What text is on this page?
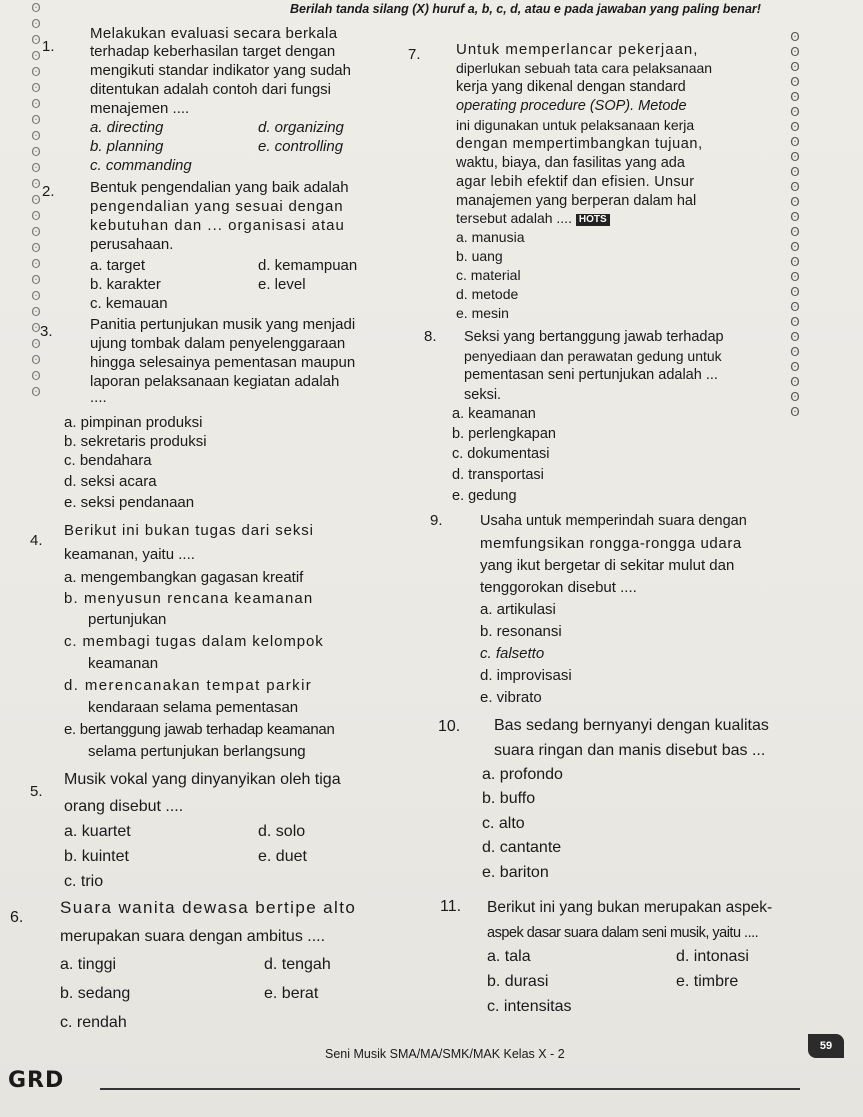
ʘ
ʘ
ʘ
ʘ
ʘ
ʘ
ʘ
ʘ
ʘ
ʘ
ʘ
ʘ
ʘ
ʘ
ʘ
ʘ
ʘ
ʘ
ʘ
ʘ
ʘ
ʘ
ʘ
ʘ
ʘ
ʘ
ʘ
ʘ
ʘ
ʘ
ʘ
ʘ
ʘ
ʘ
ʘ
ʘ
ʘ
ʘ
ʘ
ʘ
ʘ
ʘ
ʘ
ʘ
ʘ
ʘ
ʘ
ʘ
ʘ
ʘ
ʘ
Berilah tanda silang (X) huruf a, b, c, d, atau e pada jawaban yang paling benar!
1.
Melakukan evaluasi secara berkala
terhadap keberhasilan target dengan
mengikuti standar indikator yang sudah
ditentukan adalah contoh dari fungsi
menajemen ....
a. directing
b. planning
c. commanding
d. organizing
e. controlling
2. Bentuk pengendalian yang baik adalah
pengendalian yang sesuai dengan
kebutuhan dan ... organisasi atau
perusahaan.
a. target
b. karakter
c. kemauan
d. kemampuan
e. level
3. Panitia pertunjukan musik yang menjadi
ujung tombak dalam penyelenggaraan
hingga selesainya pementasan maupun
laporan pelaksanaan kegiatan adalah
....
a. pimpinan produksi
b. sekretaris produksi
c. bendahara
d. seksi acara
e. seksi pendanaan
4.
Berikut ini bukan tugas dari seksi
keamanan, yaitu ....
a. mengembangkan gagasan kreatif
b. menyusun rencana keamanan
pertunjukan
c. membagi tugas dalam kelompok
keamanan
d. merencanakan tempat parkir
kendaraan selama pementasan
e. bertanggung jawab terhadap keamanan
selama pertunjukan berlangsung
5.
Musik vokal yang dinyanyikan oleh tiga
orang disebut ....
a. kuartet
b. kuintet
c. trio
d. solo
e. duet
6.
Suara wanita dewasa bertipe alto
merupakan suara dengan ambitus ....
a. tinggi
b. sedang
c. rendah
d. tengah
e. berat
7. Untuk memperlancar pekerjaan,
diperlukan sebuah tata cara pelaksanaan
kerja yang dikenal dengan standard
operating procedure (SOP). Metode
ini digunakan untuk pelaksanaan kerja
dengan mempertimbangkan tujuan,
waktu, biaya, dan fasilitas yang ada
agar lebih efektif dan efisien. Unsur
manajemen yang berperan dalam hal
tersebut adalah .... HOTS
a. manusia
b. uang
c. material
d. metode
e. mesin
8. Seksi yang bertanggung jawab terhadap
penyediaan dan perawatan gedung untuk
pementasan seni pertunjukan adalah ...
seksi.
a. keamanan
b. perlengkapan
c. dokumentasi
d. transportasi
e. gedung
9.	Usaha untuk memperindah suara dengan
memfungsikan rongga-rongga udara
yang ikut bergetar di sekitar mulut dan
tenggorokan disebut ....
a. artikulasi
b. resonansi
c. falsetto
d. improvisasi
e. vibrato
10. Bas sedang bernyanyi dengan kualitas
suara ringan dan manis disebut bas ...
a. profondo
b. buffo
c. alto
d. cantante
e. bariton
11. Berikut ini yang bukan merupakan aspek-
aspek dasar suara dalam seni musik, yaitu ....
a. tala
b. durasi
c. intensitas
d. intonasi
e. timbre
Seni Musik SMA/MA/SMK/MAK Kelas X - 2
59
GRD
